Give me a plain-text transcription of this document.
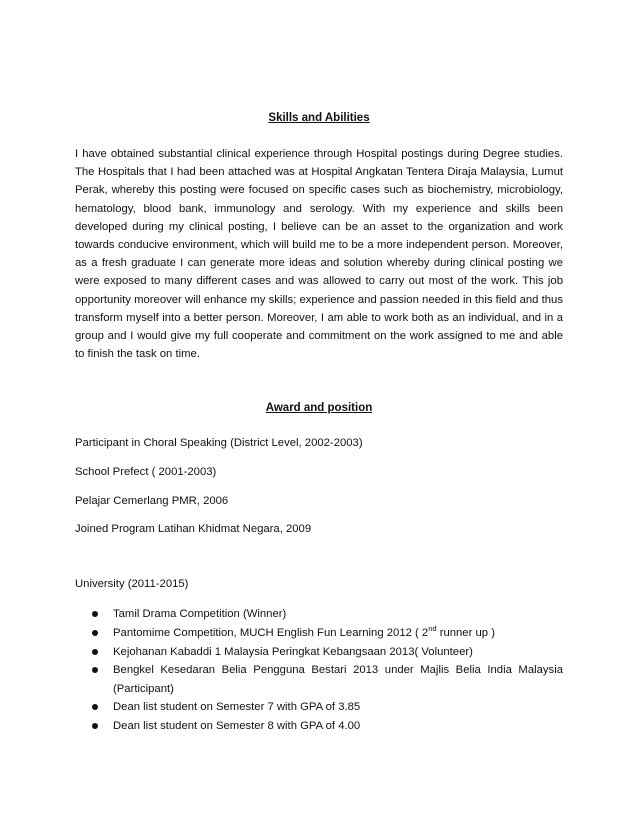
Skills and Abilities

I have obtained substantial clinical experience through Hospital postings during Degree studies. The Hospitals that I had been attached was at Hospital Angkatan Tentera Diraja Malaysia, Lumut Perak, whereby this posting were focused on specific cases such as biochemistry, microbiology, hematology, blood bank, immunology and serology. With my experience and skills been developed during my clinical posting, I believe can be an asset to the organization and work towards conducive environment, which will build me to be a more independent person. Moreover, as a fresh graduate I can generate more ideas and solution whereby during clinical posting we were exposed to many different cases and was allowed to carry out most of the work. This job opportunity moreover will enhance my skills; experience and passion needed in this field and thus transform myself into a better person. Moreover, I am able to work both as an individual, and in a group and I would give my full cooperate and commitment on the work assigned to me and able to finish the task on time.

Award and position
Participant in Choral Speaking (District Level, 2002-2003)
School Prefect ( 2001-2003)
Pelajar Cemerlang PMR, 2006
Joined Program Latihan Khidmat Negara, 2009
University (2011-2015)
Tamil Drama Competition (Winner)
Pantomime Competition, MUCH English Fun Learning 2012 ( 2nd runner up )
Kejohanan Kabaddi 1 Malaysia Peringkat Kebangsaan 2013( Volunteer)
Bengkel Kesedaran Belia Pengguna Bestari 2013 under Majlis Belia India Malaysia (Participant)
Dean list student on Semester 7 with GPA of 3.85
Dean list student on Semester 8 with GPA of 4.00
